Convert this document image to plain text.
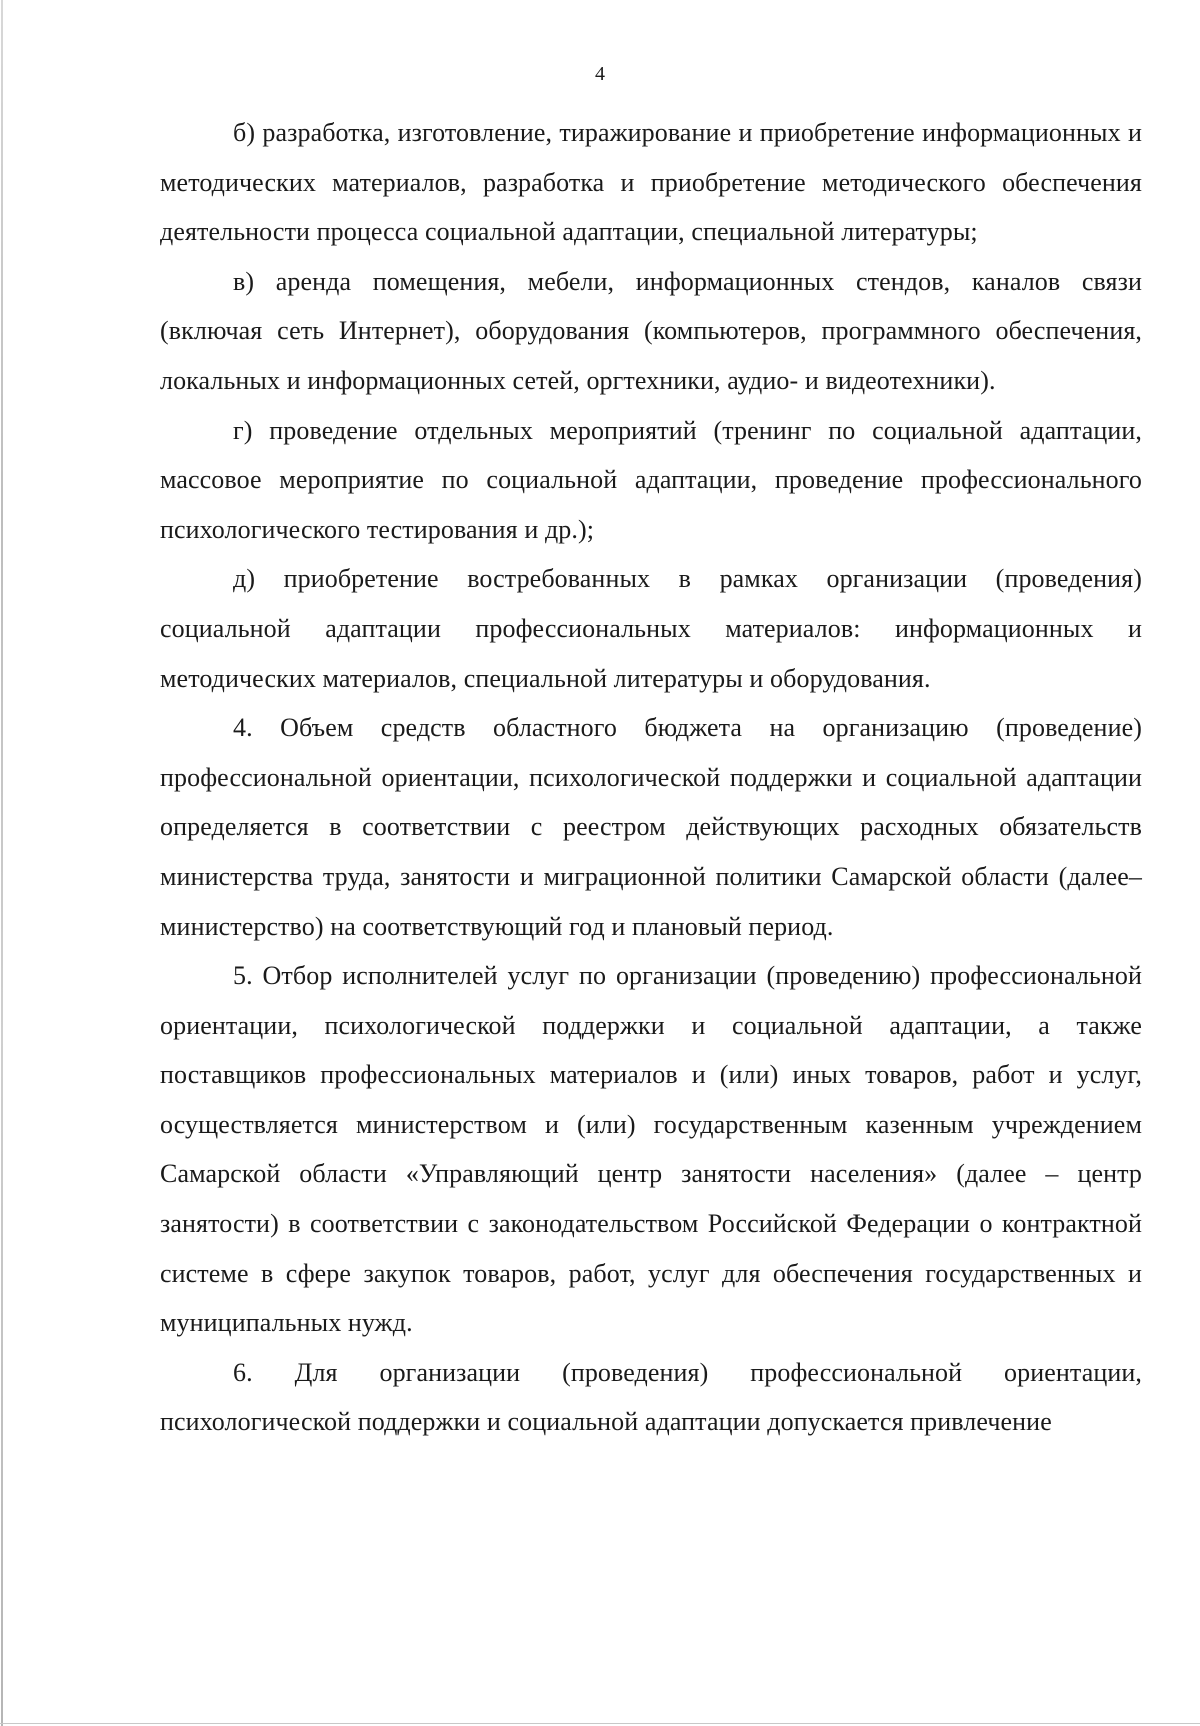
4

б) разработка, изготовление, тиражирование и приобретение информационных и методических материалов, разработка и приобретение методического обеспечения деятельности процесса социальной адаптации, специальной литературы;

в) аренда помещения, мебели, информационных стендов, каналов связи (включая сеть Интернет), оборудования (компьютеров, программного обеспечения, локальных и информационных сетей, оргтехники, аудио- и видеотехники).

г) проведение отдельных мероприятий (тренинг по социальной адаптации, массовое мероприятие по социальной адаптации, проведение профессионального психологического тестирования и др.);

д) приобретение востребованных в рамках организации (проведения) социальной адаптации профессиональных материалов: информационных и методических материалов, специальной литературы и оборудования.

4. Объем средств областного бюджета на организацию (проведение) профессиональной ориентации, психологической поддержки и социальной адаптации определяется в соответствии с реестром действующих расходных обязательств министерства труда, занятости и миграционной политики Самарской области (далее–министерство) на соответствующий год и плановый период.

5. Отбор исполнителей услуг по организации (проведению) профессиональной ориентации, психологической поддержки и социальной адаптации, а также поставщиков профессиональных материалов и (или) иных товаров, работ и услуг, осуществляется министерством и (или) государственным казенным учреждением Самарской области «Управляющий центр занятости населения» (далее – центр занятости) в соответствии с законодательством Российской Федерации о контрактной системе в сфере закупок товаров, работ, услуг для обеспечения государственных и муниципальных нужд.

6. Для организации (проведения) профессиональной ориентации, психологической поддержки и социальной адаптации допускается привлечение
